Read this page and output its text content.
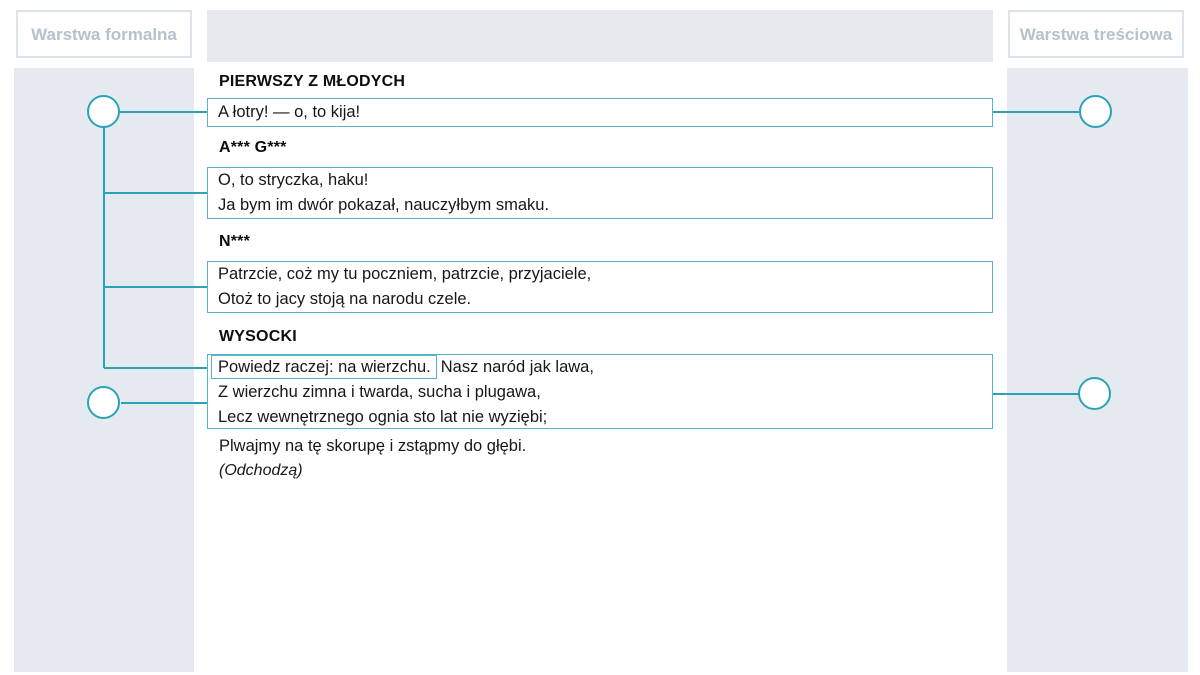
Warstwa formalna	Warstwa treściowa
PIERWSZY Z MŁODYCH
A łotry! — o, to kija!
A*** G***
O, to stryczka, haku!
Ja bym im dwór pokazał, nauczyłbym smaku.
N***
Patrzcie, coż my tu poczniem, patrzcie, przyjaciele,
Otoż to jacy stoją na narodu czele.
WYSOCKI
Powiedz raczej: na wierzchu. Nasz naród jak lawa,
Z wierzchu zimna i twarda, sucha i plugawa,
Lecz wewnętrznego ognia sto lat nie wyziębi;
Plwajmy na tę skorupę i zstąpmy do głębi.
(Odchodzą)
